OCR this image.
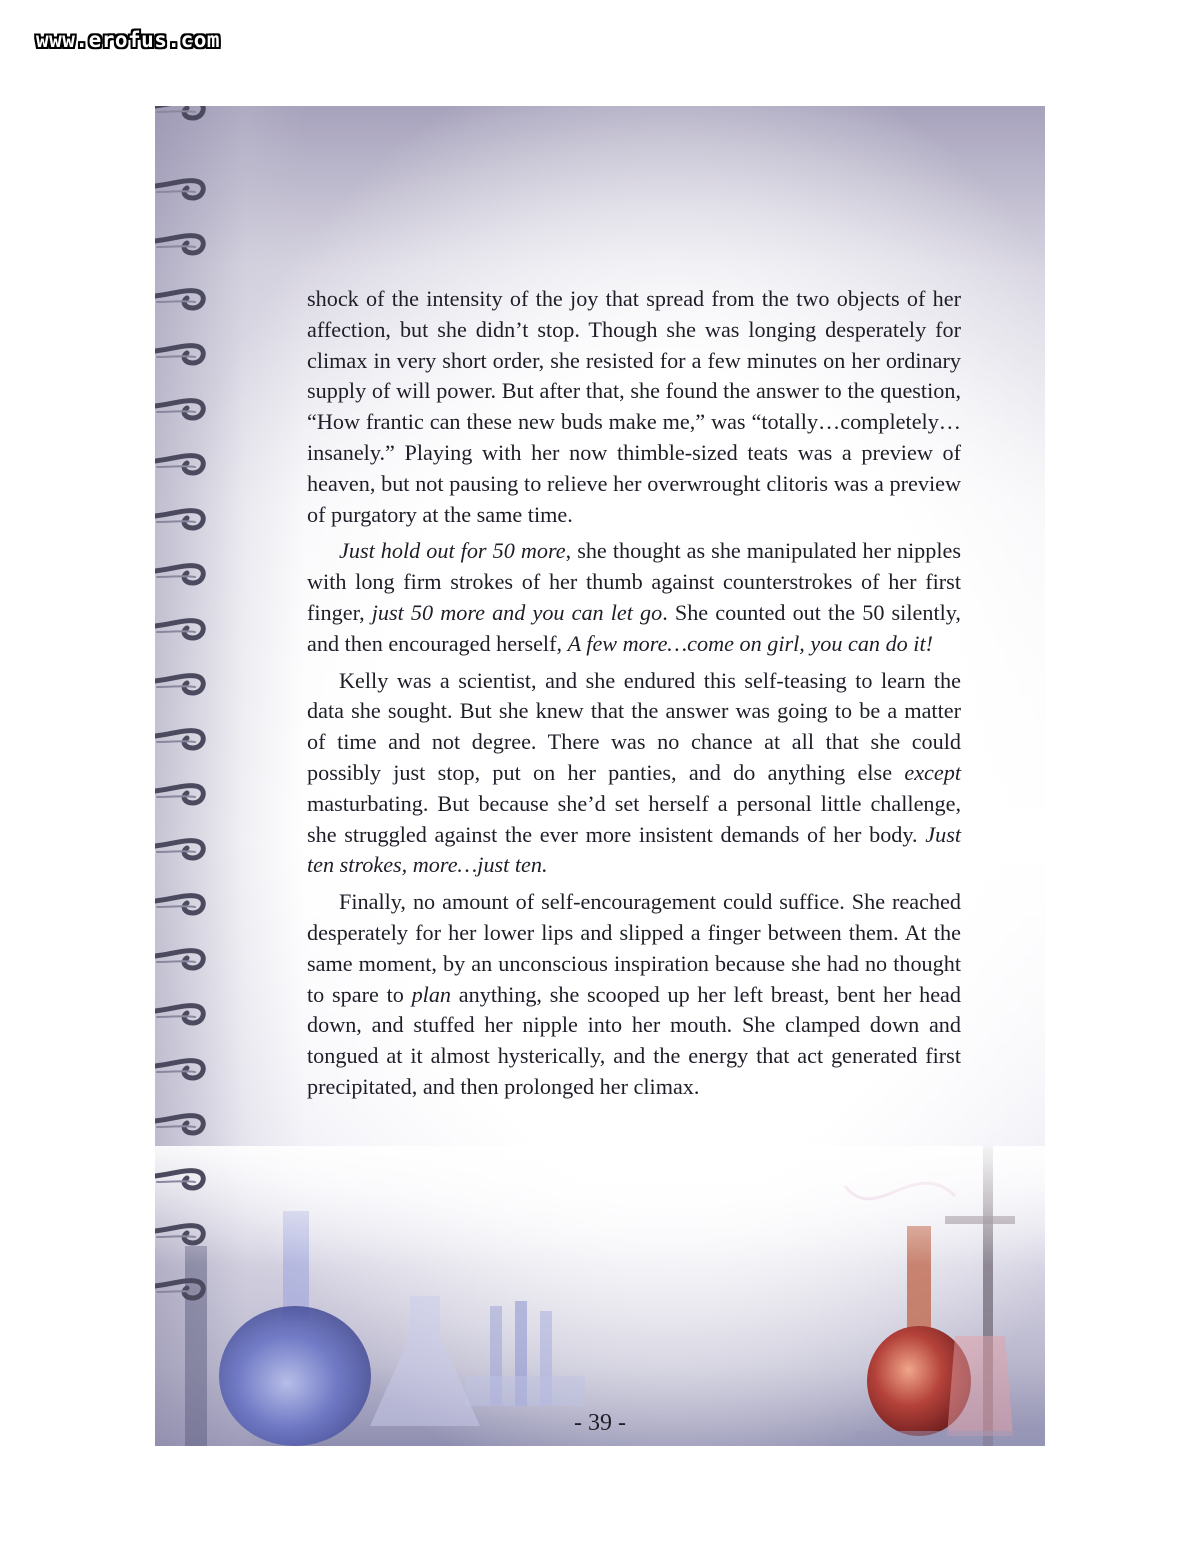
www.erofus.com

shock of the intensity of the joy that spread from the two objects of her affection, but she didn’t stop. Though she was longing desperately for climax in very short order, she resisted for a few minutes on her ordinary supply of will power. But after that, she found the answer to the question, “How frantic can these new buds make me,” was “totally…completely…insanely.” Playing with her now thimble-sized teats was a preview of heaven, but not pausing to relieve her overwrought clitoris was a preview of purgatory at the same time.

Just hold out for 50 more, she thought as she manipulated her nipples with long firm strokes of her thumb against counterstrokes of her first finger, just 50 more and you can let go. She counted out the 50 silently, and then encouraged herself, A few more…come on girl, you can do it!

Kelly was a scientist, and she endured this self-teasing to learn the data she sought. But she knew that the answer was going to be a matter of time and not degree. There was no chance at all that she could possibly just stop, put on her panties, and do anything else except masturbating. But because she’d set herself a personal little challenge, she struggled against the ever more insistent demands of her body. Just ten strokes, more…just ten.

Finally, no amount of self-encouragement could suffice. She reached desperately for her lower lips and slipped a finger between them. At the same moment, by an unconscious inspiration because she had no thought to spare to plan anything, she scooped up her left breast, bent her head down, and stuffed her nipple into her mouth. She clamped down and tongued at it almost hysterically, and the energy that act generated first precipitated, and then prolonged her climax.

- 39 -
